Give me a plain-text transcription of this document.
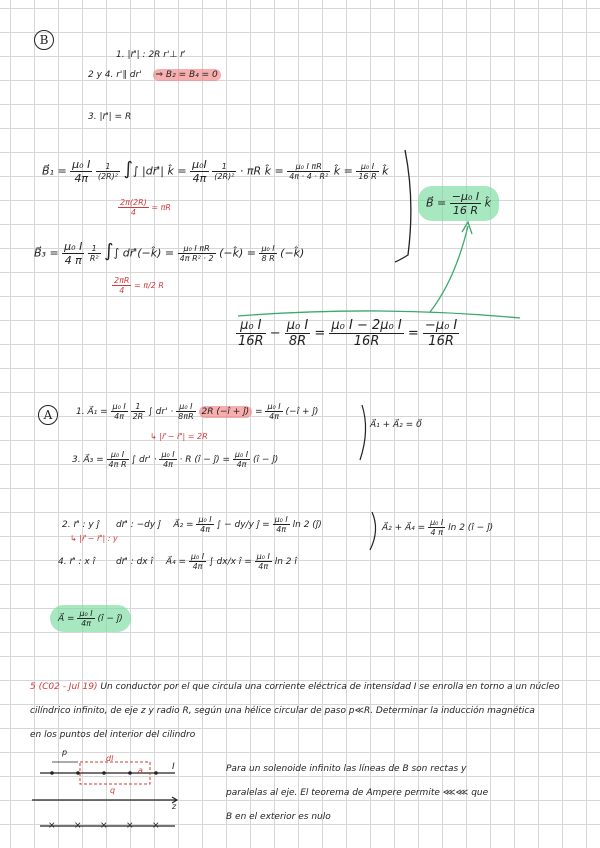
B
1. |r⃗'| : 2R r'⊥ r⃗
2 y 4. r'∥ dr' ⇒ B₂ = B₄ = 0
3. |r⃗'| = R
B⃗₁ = $\frac{\text{μ₀ I}}{4\pi}$
$\frac{1}{\text{(2R)²}}$ ∫∫ |dr⃗'| k̂ = $\frac{\text{μ₀I}}{4\pi}$
$\frac{1}{\text{(2R)²}} \cdot \pi R$ k̂ = $\frac{\text{μ₀ I πR}}{\text{4π · 4 · R²}}$ k̂ = $\frac{\text{μ₀ I}}{16 R}$ k̂
$\frac{2\pi(2R)}{4} = \pi R$	B⃗ = $\frac{\text{−μ₀ I}}{16 R}$ k̂
B⃗₃ = $\frac{\text{μ₀ I}}{4 \pi}$
$\frac{1}{\text{R²}}$ ∫∫ dr⃗'(−k̂) = $\frac{\text{μ₀ I πR}}{\text{4π R² · 2}}$ (−k̂) = $\frac{\text{μ₀ I}}{8 R}$ (−k̂)
$\frac{2\pi R}{4} = \pi/2$ R
$\frac{\text{μ₀ I}}{16R} - \frac{\text{μ₀ I}}{8R} = \frac{\text{μ₀ I − 2μ₀ I}}{16R} = \frac{\text{−μ₀ I}}{16R}$
A	1. A⃗₁ = $\frac{\text{μ₀ I}}{4\pi}$
$\frac{1}{2R}$ ∫ $dr' \cdot \frac{\text{μ₀ I}}{8\pi R} 2R$ (−î + ĵ) = $\frac{\text{μ₀ I}}{4\pi}$ (−î + ĵ)
↳ |r⃗ − r⃗'| = 2R
3. A⃗₃ = $\frac{\text{μ₀ I}}{\text{4π R}}$ ∫ $dr' \cdot \frac{\text{μ₀ I}}{4\pi} \cdot R$ (î − ĵ) = $\frac{\text{μ₀ I}}{4\pi}$ (î − ĵ)
A⃗₁ + A⃗₂ = 0⃗
2. r⃗' : y ĵ dr⃗' : −dy ĵ A⃗₂ = $\frac{\text{μ₀ I}}{4\pi}$ ∫ − dy/y ĵ = $\frac{\text{μ₀ I}}{4\pi}$ ln 2 (ĵ)
↳ |r⃗ − r⃗'| : y
4. r⃗' : x î dr⃗' : dx î A⃗₄ = $\frac{\text{μ₀ I}}{4\pi}$ ∫ dx/x î = $\frac{\text{μ₀ I}}{4\pi}$ ln 2 î
A⃗₂ + A⃗₄ = $\frac{\text{μ₀ I}}{4 \pi}$ ln 2 (î − ĵ)
A⃗ = $\frac{\text{μ₀ I}}{4\pi}$ (î − ĵ)
5 (C02 - Jul 19) Un conductor por el que circula una corriente eléctrica de intensidad I se enrolla en torno a un núcleo
cilíndrico infinito, de eje z y radio R, según una hélice circular de paso p≪R. Determinar la inducción magnética
en los puntos del interior del cilindro
Para un solenoide infinito las líneas de B son rectas y
paralelas al eje. El teorema de Ampere permite ⋘⋘ que
B en el exterior es nulo
× × × × ×
p
I
z
q
dl
a
